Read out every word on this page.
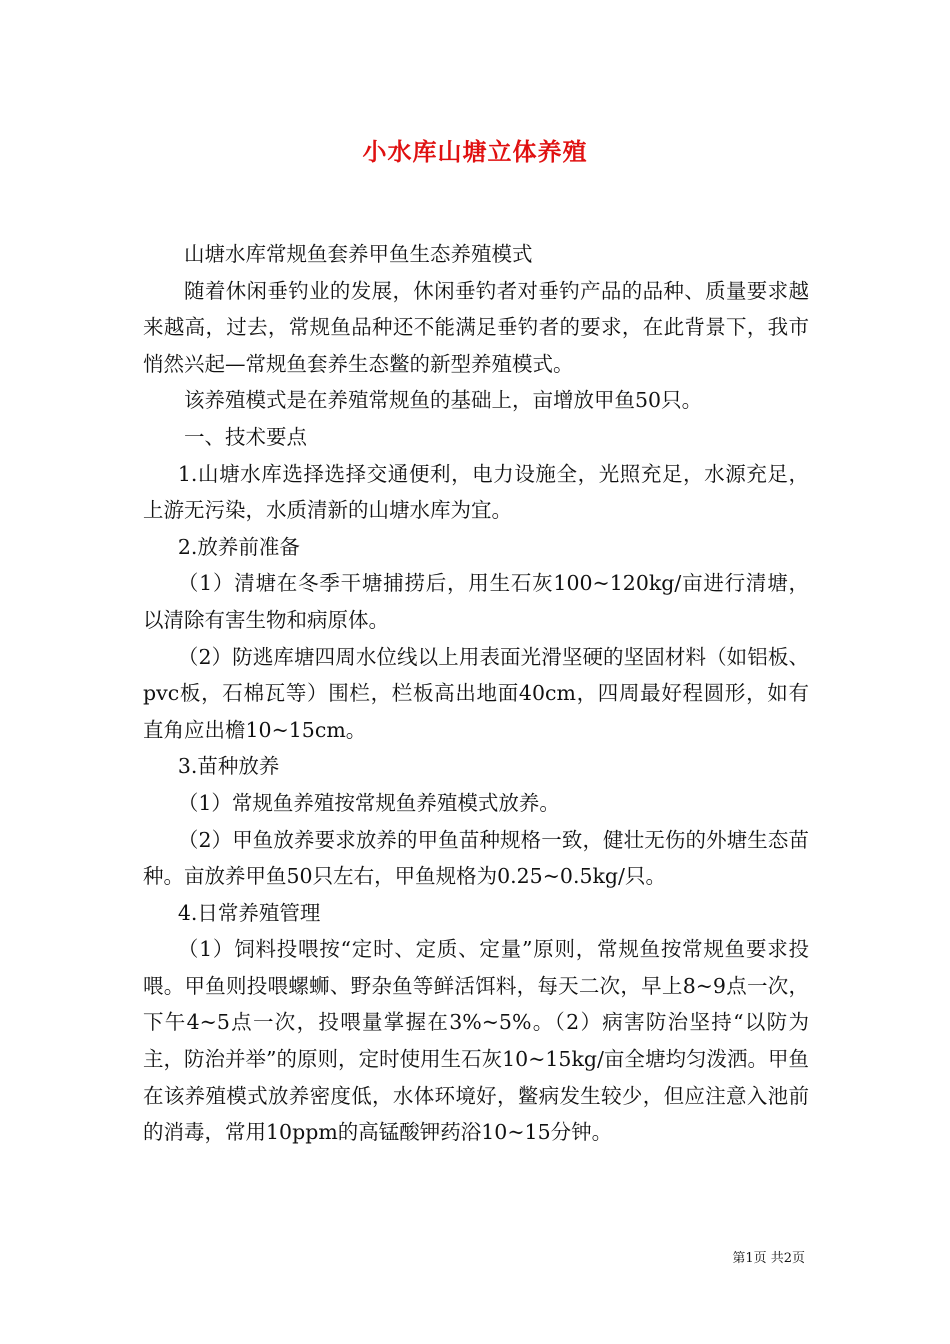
小水库山塘立体养殖

山塘水库常规鱼套养甲鱼生态养殖模式

随着休闲垂钓业的发展，休闲垂钓者对垂钓产品的品种、质量要求越来越高，过去，常规鱼品种还不能满足垂钓者的要求，在此背景下，我市悄然兴起—常规鱼套养生态鳖的新型养殖模式。

该养殖模式是在养殖常规鱼的基础上，亩增放甲鱼50只。

一、技术要点

1.山塘水库选择选择交通便利，电力设施全，光照充足，水源充足，上游无污染，水质清新的山塘水库为宜。

2.放养前准备

（1）清塘在冬季干塘捕捞后，用生石灰100~120kg/亩进行清塘，以清除有害生物和病原体。

（2）防逃库塘四周水位线以上用表面光滑坚硬的坚固材料（如铝板、pvc板，石棉瓦等）围栏，栏板高出地面40cm，四周最好程圆形，如有直角应出檐10~15cm。

3.苗种放养

（1）常规鱼养殖按常规鱼养殖模式放养。

（2）甲鱼放养要求放养的甲鱼苗种规格一致，健壮无伤的外塘生态苗种。亩放养甲鱼50只左右，甲鱼规格为0.25~0.5kg/只。

4.日常养殖管理

（1）饲料投喂按“定时、定质、定量”原则，常规鱼按常规鱼要求投喂。甲鱼则投喂螺蛳、野杂鱼等鲜活饵料，每天二次，早上8~9点一次，下午4~5点一次，投喂量掌握在3%~5%。（2）病害防治坚持“以防为主，防治并举”的原则，定时使用生石灰10~15kg/亩全塘均匀泼洒。甲鱼在该养殖模式放养密度低，水体环境好，鳖病发生较少，但应注意入池前的消毒，常用10ppm的高锰酸钾药浴10~15分钟。

第1页 共2页
